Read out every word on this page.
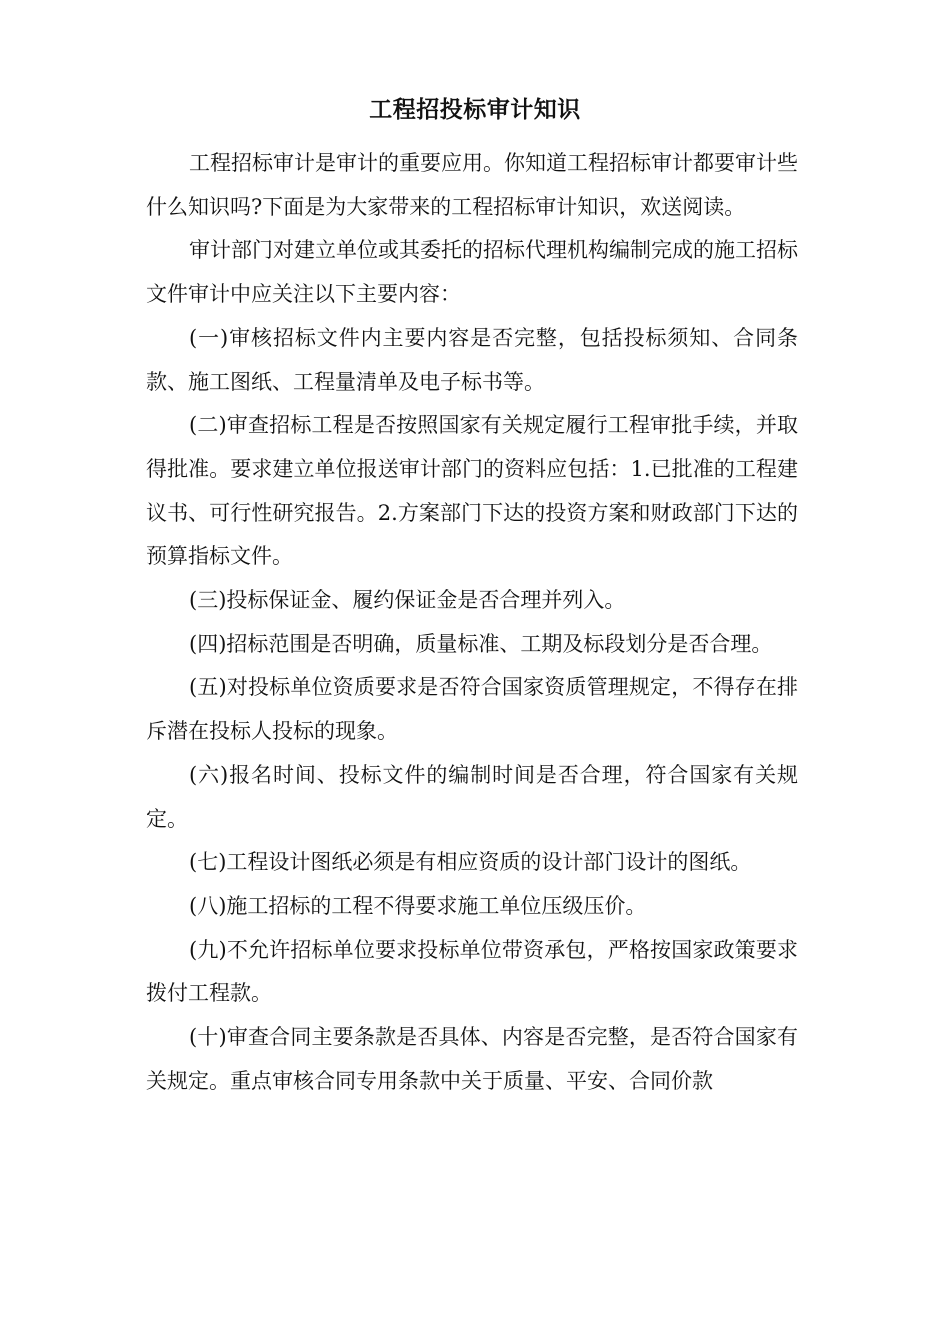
工程招投标审计知识

工程招标审计是审计的重要应用。你知道工程招标审计都要审计些什么知识吗?下面是为大家带来的工程招标审计知识，欢送阅读。

审计部门对建立单位或其委托的招标代理机构编制完成的施工招标文件审计中应关注以下主要内容：

(一)审核招标文件内主要内容是否完整，包括投标须知、合同条款、施工图纸、工程量清单及电子标书等。

(二)审查招标工程是否按照国家有关规定履行工程审批手续，并取得批准。要求建立单位报送审计部门的资料应包括：1.已批准的工程建议书、可行性研究报告。2.方案部门下达的投资方案和财政部门下达的预算指标文件。

(三)投标保证金、履约保证金是否合理并列入。

(四)招标范围是否明确，质量标准、工期及标段划分是否合理。

(五)对投标单位资质要求是否符合国家资质管理规定，不得存在排斥潜在投标人投标的现象。

(六)报名时间、投标文件的编制时间是否合理，符合国家有关规定。

(七)工程设计图纸必须是有相应资质的设计部门设计的图纸。

(八)施工招标的工程不得要求施工单位压级压价。

(九)不允许招标单位要求投标单位带资承包，严格按国家政策要求拨付工程款。

(十)审查合同主要条款是否具体、内容是否完整，是否符合国家有关规定。重点审核合同专用条款中关于质量、平安、合同价款
